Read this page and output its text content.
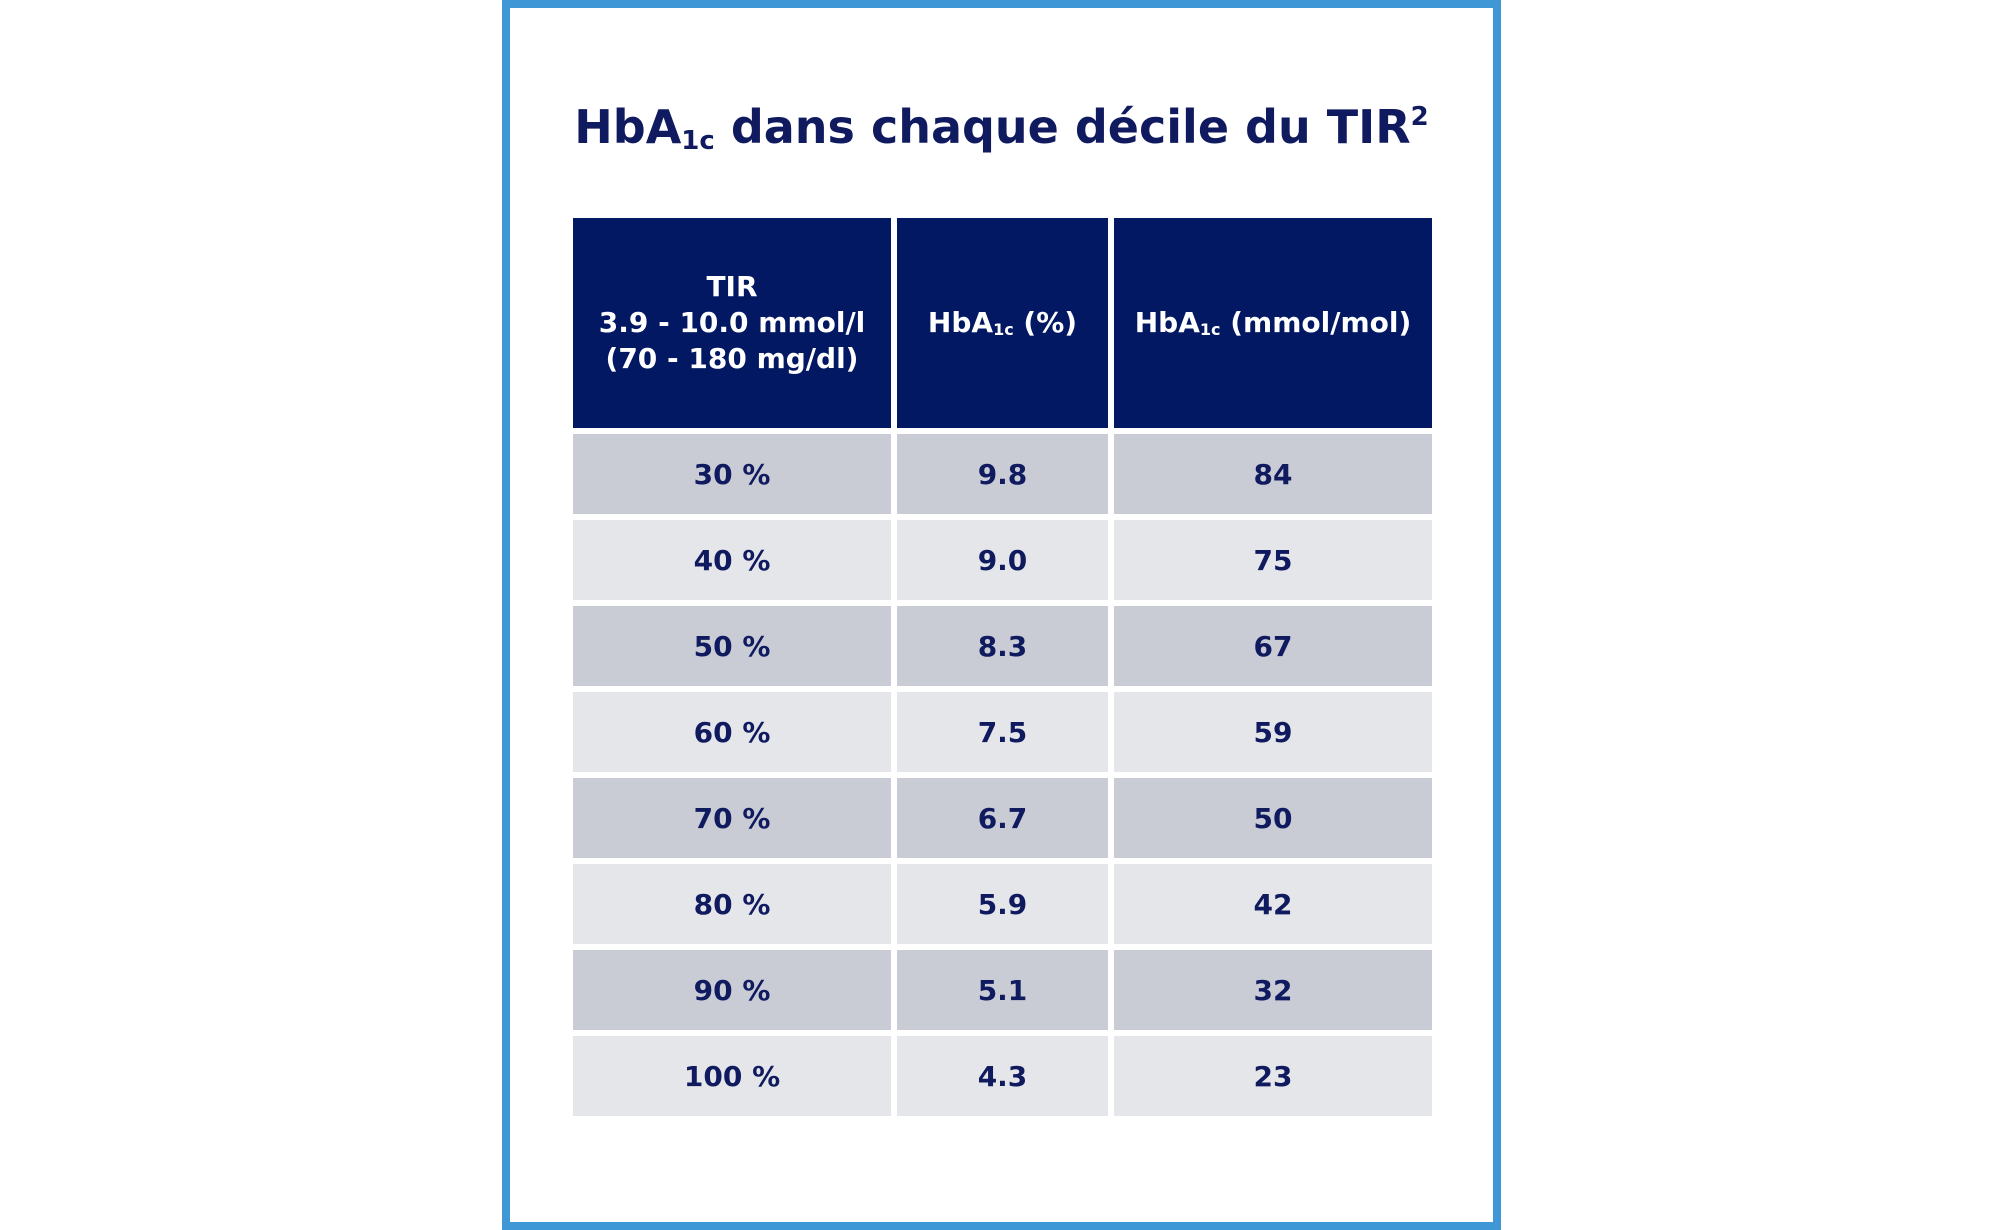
HbA$_{1c}$ dans chaque décile du TIR$^2$
TIR
3.9 - 10.0 mmol/l
(70 - 180 mg/dl)	HbA$_{1c}$ (%)	HbA$_{1c}$ (mmol/mol)
30 %	9.8	84
40 %	9.0	75
50 %	8.3	67
60 %	7.5	59
70 %	6.7	50
80 %	5.9	42
90 %	5.1	32
100 %	4.3	23
